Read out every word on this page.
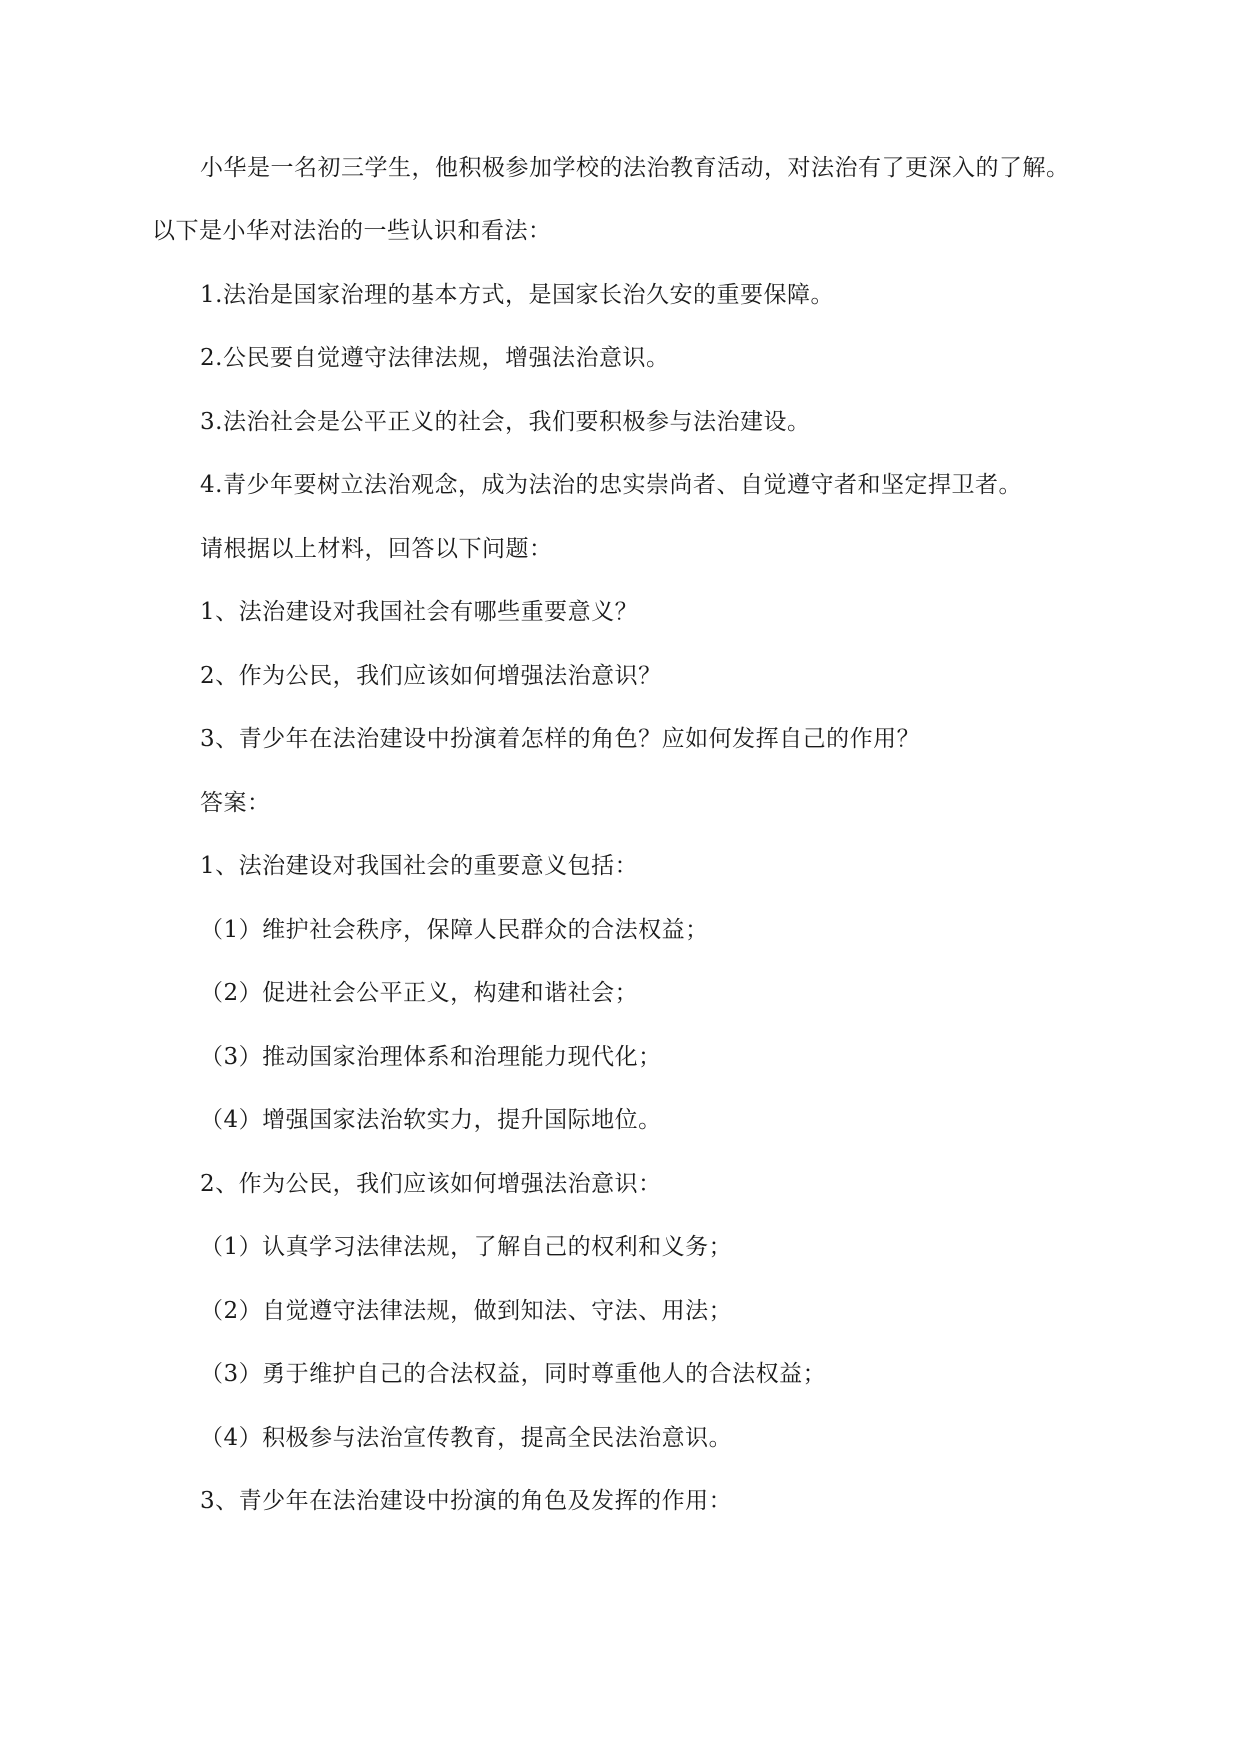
小华是一名初三学生，他积极参加学校的法治教育活动，对法治有了更深入的了解。
以下是小华对法治的一些认识和看法：
1.法治是国家治理的基本方式，是国家长治久安的重要保障。
2.公民要自觉遵守法律法规，增强法治意识。
3.法治社会是公平正义的社会，我们要积极参与法治建设。
4.青少年要树立法治观念，成为法治的忠实崇尚者、自觉遵守者和坚定捍卫者。
请根据以上材料，回答以下问题：
1、法治建设对我国社会有哪些重要意义？
2、作为公民，我们应该如何增强法治意识？
3、青少年在法治建设中扮演着怎样的角色？应如何发挥自己的作用？
答案：
1、法治建设对我国社会的重要意义包括：
（1）维护社会秩序，保障人民群众的合法权益；
（2）促进社会公平正义，构建和谐社会；
（3）推动国家治理体系和治理能力现代化；
（4）增强国家法治软实力，提升国际地位。
2、作为公民，我们应该如何增强法治意识：
（1）认真学习法律法规，了解自己的权利和义务；
（2）自觉遵守法律法规，做到知法、守法、用法；
（3）勇于维护自己的合法权益，同时尊重他人的合法权益；
（4）积极参与法治宣传教育，提高全民法治意识。
3、青少年在法治建设中扮演的角色及发挥的作用：
